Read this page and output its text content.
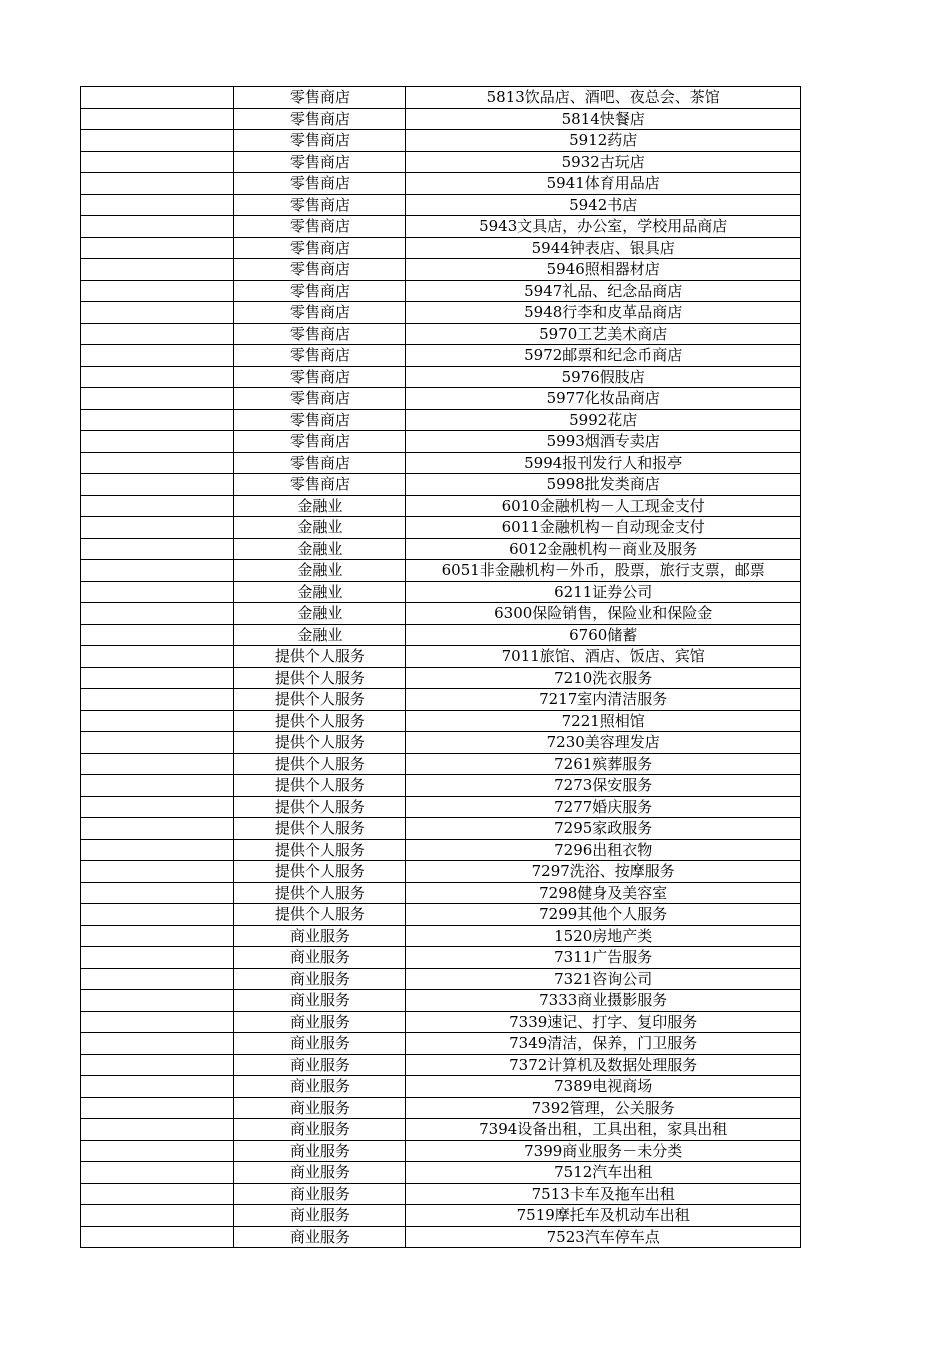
	零售商店	5813饮品店、酒吧、夜总会、茶馆
	零售商店	5814快餐店
	零售商店	5912药店
	零售商店	5932古玩店
	零售商店	5941体育用品店
	零售商店	5942书店
	零售商店	5943文具店，办公室，学校用品商店
	零售商店	5944钟表店、银具店
	零售商店	5946照相器材店
	零售商店	5947礼品、纪念品商店
	零售商店	5948行李和皮革品商店
	零售商店	5970工艺美术商店
	零售商店	5972邮票和纪念币商店
	零售商店	5976假肢店
	零售商店	5977化妆品商店
	零售商店	5992花店
	零售商店	5993烟酒专卖店
	零售商店	5994报刊发行人和报亭
	零售商店	5998批发类商店
	金融业	6010金融机构－人工现金支付
	金融业	6011金融机构－自动现金支付
	金融业	6012金融机构－商业及服务
	金融业	6051非金融机构－外币，股票，旅行支票，邮票
	金融业	6211证券公司
	金融业	6300保险销售，保险业和保险金
	金融业	6760储蓄
	提供个人服务	7011旅馆、酒店、饭店、宾馆
	提供个人服务	7210洗衣服务
	提供个人服务	7217室内清洁服务
	提供个人服务	7221照相馆
	提供个人服务	7230美容理发店
	提供个人服务	7261殡葬服务
	提供个人服务	7273保安服务
	提供个人服务	7277婚庆服务
	提供个人服务	7295家政服务
	提供个人服务	7296出租衣物
	提供个人服务	7297洗浴、按摩服务
	提供个人服务	7298健身及美容室
	提供个人服务	7299其他个人服务
	商业服务	1520房地产类
	商业服务	7311广告服务
	商业服务	7321咨询公司
	商业服务	7333商业摄影服务
	商业服务	7339速记、打字、复印服务
	商业服务	7349清洁，保养，门卫服务
	商业服务	7372计算机及数据处理服务
	商业服务	7389电视商场
	商业服务	7392管理，公关服务
	商业服务	7394设备出租，工具出租，家具出租
	商业服务	7399商业服务－未分类
	商业服务	7512汽车出租
	商业服务	7513卡车及拖车出租
	商业服务	7519摩托车及机动车出租
	商业服务	7523汽车停车点
